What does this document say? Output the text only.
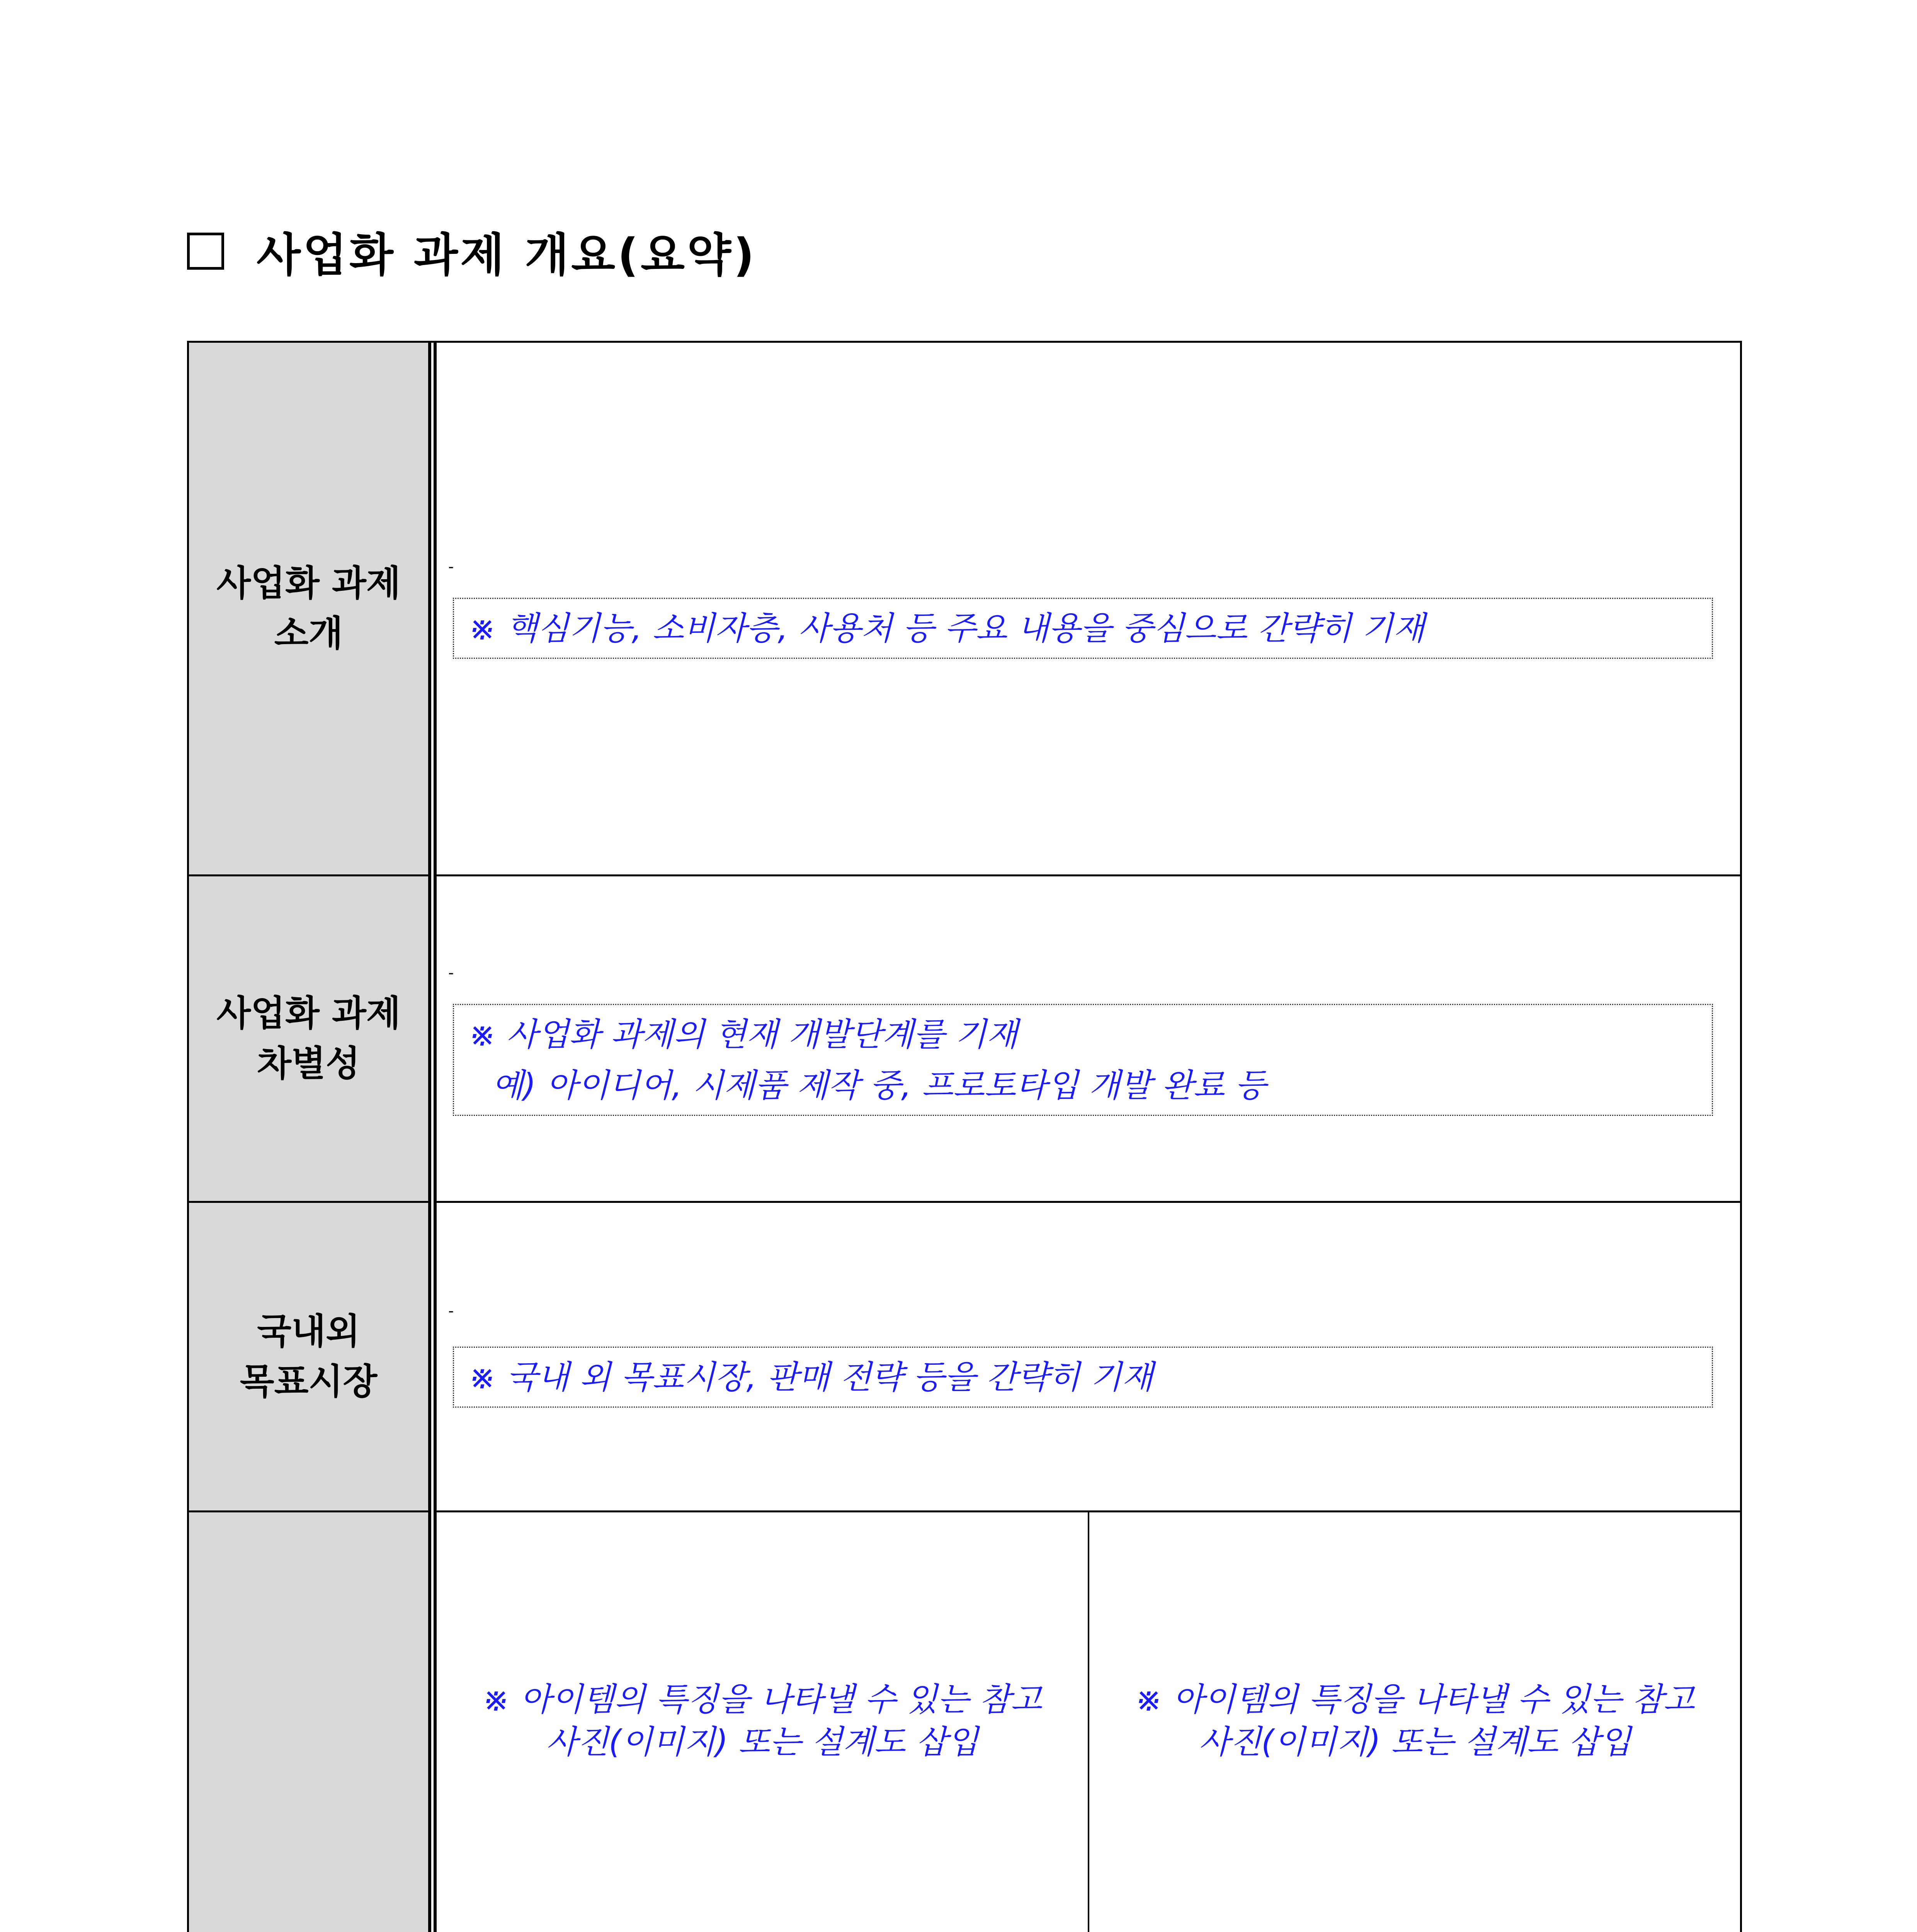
사업화 과제 개요(요약)
사업화 과제
소개
-
※ 핵심기능, 소비자층, 사용처 등 주요 내용을 중심으로 간략히 기재
사업화 과제
차별성
-
※ 사업화 과제의 현재 개발단계를 기재
예) 아이디어, 시제품 제작 중, 프로토타입 개발 완료 등
국내외
목표시장
-
※ 국내 외 목표시장, 판매 전략 등을 간략히 기재
※ 아이템의 특징을 나타낼 수 있는 참고
사진(이미지) 또는 설계도 삽입
※ 아이템의 특징을 나타낼 수 있는 참고
사진(이미지) 또는 설계도 삽입
